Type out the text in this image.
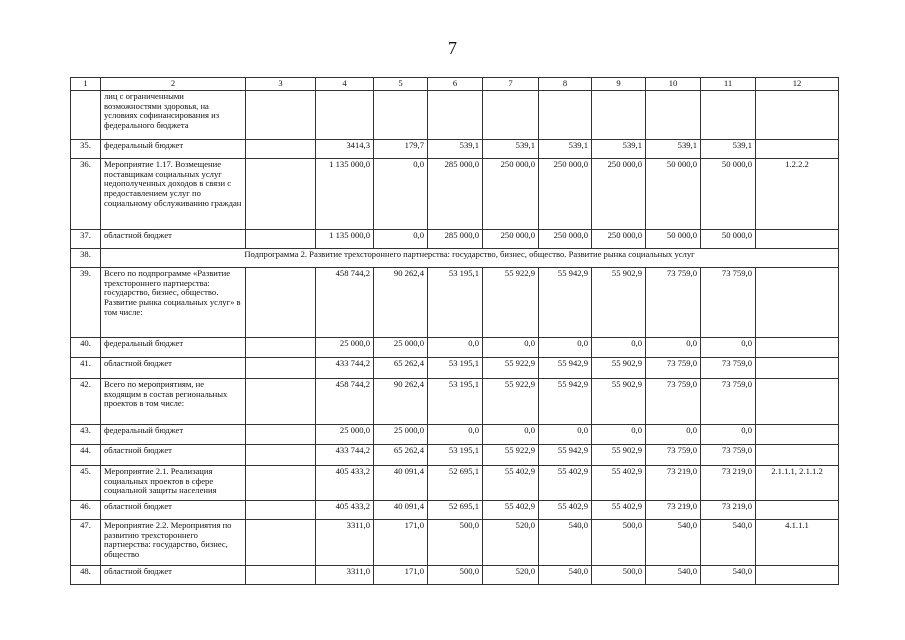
7
1	2	3	4	5	6	7	8	9	10	11	12
	лиц с ограниченными возможностями здоровья, на условиях софинансирования из федерального бюджета										
35.	федеральный бюджет		3414,3	179,7	539,1	539,1	539,1	539,1	539,1	539,1	
36.	Мероприятие 1.17. Возмещение поставщикам социальных услуг недополученных доходов в связи с предоставлением услуг по социальному обслуживанию граждан		1 135 000,0	0,0	285 000,0	250 000,0	250 000,0	250 000,0	50 000,0	50 000,0	1.2.2.2
37.	областной бюджет		1 135 000,0	0,0	285 000,0	250 000,0	250 000,0	250 000,0	50 000,0	50 000,0	
38.	Подпрограмма 2. Развитие трехстороннего партнерства: государство, бизнес, общество. Развитие рынка социальных услуг										
39.	Всего по подпрограмме «Развитие трехстороннего партнерства: государство, бизнес, общество. Развитие рынка социальных услуг» в том числе:		458 744,2	90 262,4	53 195,1	55 922,9	55 942,9	55 902,9	73 759,0	73 759,0	
40.	федеральный бюджет		25 000,0	25 000,0	0,0	0,0	0,0	0,0	0,0	0,0	
41.	областной бюджет		433 744,2	65 262,4	53 195,1	55 922,9	55 942,9	55 902,9	73 759,0	73 759,0	
42.	Всего по мероприятиям, не входящим в состав региональных проектов в том числе:		458 744,2	90 262,4	53 195,1	55 922,9	55 942,9	55 902,9	73 759,0	73 759,0	
43.	федеральный бюджет		25 000,0	25 000,0	0,0	0,0	0,0	0,0	0,0	0,0	
44.	областной бюджет		433 744,2	65 262,4	53 195,1	55 922,9	55 942,9	55 902,9	73 759,0	73 759,0	
45.	Мероприятие 2.1. Реализация социальных проектов в сфере социальной защиты населения		405 433,2	40 091,4	52 695,1	55 402,9	55 402,9	55 402,9	73 219,0	73 219,0	2.1.1.1, 2.1.1.2
46.	областной бюджет		405 433,2	40 091,4	52 695,1	55 402,9	55 402,9	55 402,9	73 219,0	73 219,0	
47.	Мероприятие 2.2. Мероприятия по развитию трехстороннего партнерства: государство, бизнес, общество		3311,0	171,0	500,0	520,0	540,0	500,0	540,0	540,0	4.1.1.1
48.	областной бюджет		3311,0	171,0	500,0	520,0	540,0	500,0	540,0	540,0	
